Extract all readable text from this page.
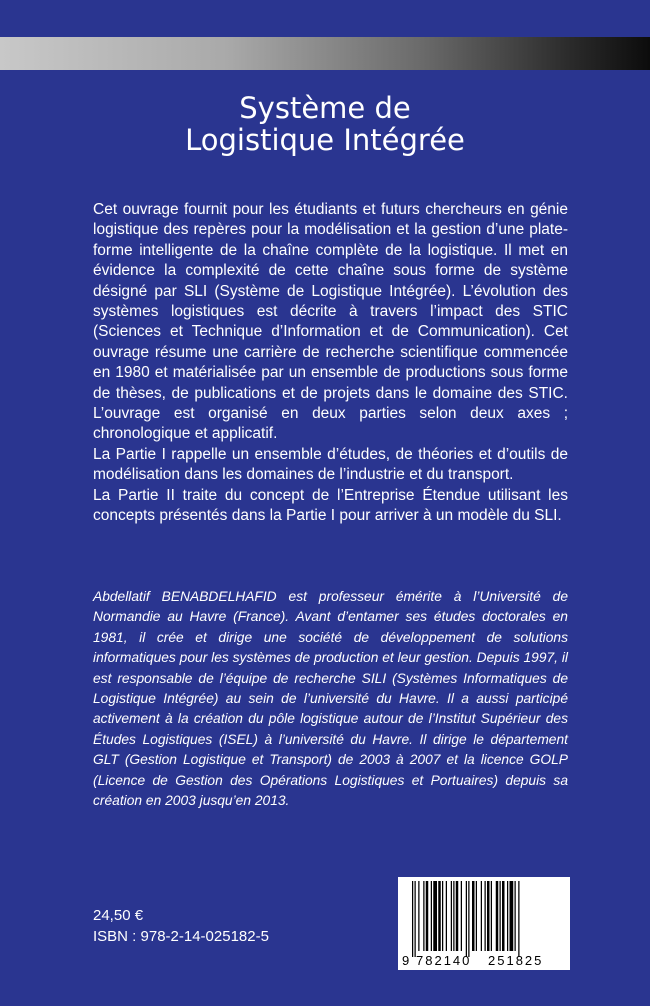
Système de
Logistique Intégrée

Cet ouvrage fournit pour les étudiants et futurs chercheurs en génie logistique des repères pour la modélisation et la gestion d’une plate-forme intelligente de la chaîne complète de la logistique. Il met en évidence la complexité de cette chaîne sous forme de système désigné par SLI (Système de Logistique Intégrée). L’évolution des systèmes logistiques est décrite à travers l’impact des STIC (Sciences et Technique d’Information et de Communication). Cet ouvrage résume une carrière de recherche scientifique commencée en 1980 et matérialisée par un ensemble de productions sous forme de thèses, de publications et de projets dans le domaine des STIC. L’ouvrage est organisé en deux parties selon deux axes ; chronologique et applicatif.

La Partie I rappelle un ensemble d’études, de théories et d’outils de modélisation dans les domaines de l’industrie et du transport.

La Partie II traite du concept de l’Entreprise Étendue utilisant les concepts présentés dans la Partie I pour arriver à un modèle du SLI.

Abdellatif BENABDELHAFID est professeur émérite à l’Université de Normandie au Havre (France). Avant d’entamer ses études doctorales en 1981, il crée et dirige une société de développement de solutions informatiques pour les systèmes de production et leur gestion. Depuis 1997, il est responsable de l’équipe de recherche SILI (Systèmes Informatiques de Logistique Intégrée) au sein de l’université du Havre. Il a aussi participé activement à la création du pôle logistique autour de l’Institut Supérieur des Études Logistiques (ISEL) à l’université du Havre. Il dirige le département GLT (Gestion Logistique et Transport) de 2003 à 2007 et la licence GOLP (Licence de Gestion des Opérations Logistiques et Portuaires) depuis sa création en 2003 jusqu’en 2013.
24,50 €
ISBN : 978-2-14-025182-5
9 782140 251825
